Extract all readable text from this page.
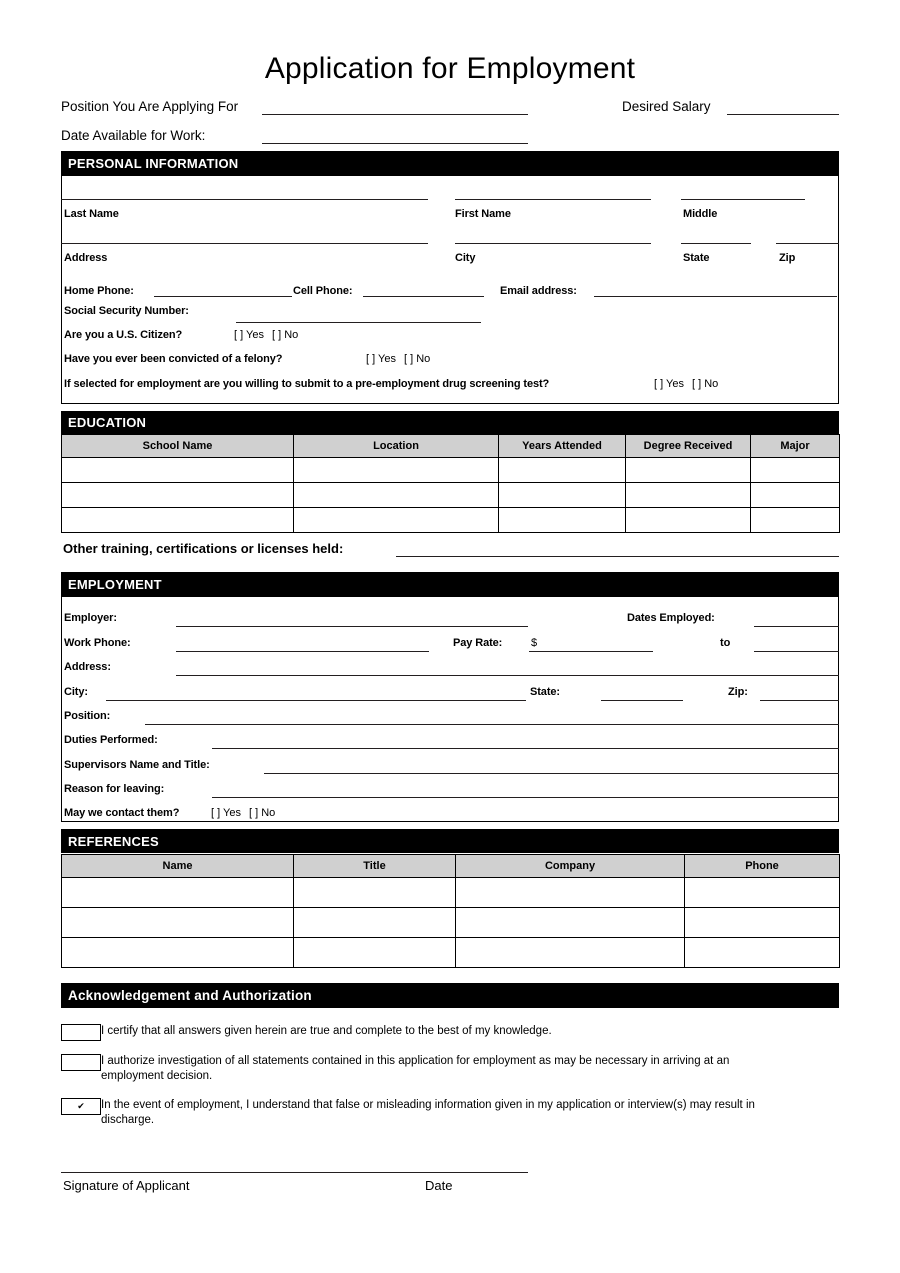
Application for Employment
Position You Are Applying For	Desired Salary
Date Available for Work:
PERSONAL INFORMATION
Last Name	First Name	Middle
Address	City	State	Zip
Home Phone:	Cell Phone:	Email address:
Social Security Number:
Are you a U.S. Citizen?	[ ] Yes [ ] No
Have you ever been convicted of a felony?	[ ] Yes [ ] No
If selected for employment are you willing to submit to a pre-employment drug screening test?	[ ] Yes [ ] No
EDUCATION
School Name	Location	Years Attended	Degree Received	Major

Other training, certifications or licenses held:
EMPLOYMENT
Employer:	Dates Employed:
Work Phone:	Pay Rate:	$	to
Address:
City:	State:	Zip:
Position:
Duties Performed:
Supervisors Name and Title:
Reason for leaving:
May we contact them?	[ ] Yes [ ] No
REFERENCES
Name	Title	Company	Phone

Acknowledgement and Authorization
I certify that all answers given herein are true and complete to the best of my knowledge.
I authorize investigation of all statements contained in this application for employment as may be necessary in arriving at an employment decision.
✔	In the event of employment, I understand that false or misleading information given in my application or interview(s) may result in discharge.
Signature of Applicant	Date
